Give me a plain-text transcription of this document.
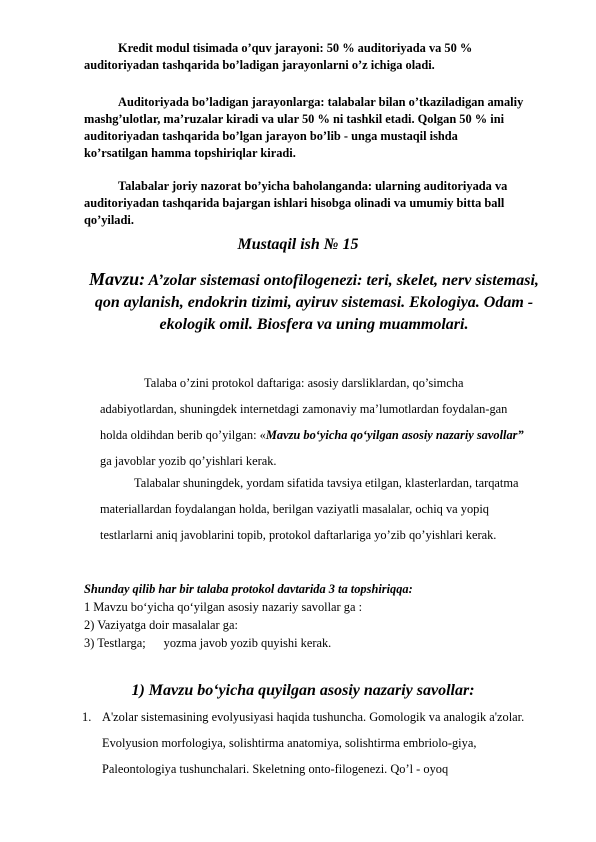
Kredit modul tisimada o’quv jarayoni: 50 % auditoriyada va 50 % auditoriyadan tashqarida bo’ladigan jarayonlarni o’z ichiga oladi.

Auditoriyada bo’ladigan jarayonlarga: talabalar bilan o’tkaziladigan amaliy mashg’ulotlar, ma’ruzalar kiradi va ular 50 % ni tashkil etadi. Qolgan 50 % ini auditoriyadan tashqarida bo’lgan jarayon bo’lib - unga mustaqil ishda ko’rsatilgan hamma topshiriqlar kiradi.

Talabalar joriy nazorat bo’yicha baholanganda: ularning auditoriyada va auditoriyadan tashqarida bajargan ishlari hisobga olinadi va umumiy bitta ball qo’yiladi.

Mustaqil ish № 15
Mavzu: A’zolar sistemasi ontofilogenezi: teri, skelet, nerv sistemasi, qon aylanish, endokrin tizimi, ayiruv sistemasi. Ekologiya. Odam - ekologik omil. Biosfera va uning muammolari.

Talaba o’zini protokol daftariga: asosiy darsliklardan, qo’simcha adabiyotlardan, shuningdek internetdagi zamonaviy ma’lumotlardan foydalan-gan holda oldihdan berib qo’yilgan: «Mavzu bo‘yicha qo‘yilgan asosiy nazariy savollar” ga javoblar yozib qo’yishlari kerak.

Talabalar shuningdek, yordam sifatida tavsiya etilgan, klasterlardan, tarqatma materiallardan foydalangan holda, berilgan vaziyatli masalalar, ochiq va yopiq testlarlarni aniq javoblarini topib, protokol daftarlariga yo’zib qo’yishlari kerak.

Shunday qilib har bir talaba protokol davtarida 3 ta topshiriqqa:
1 Mavzu bo‘yicha qo‘yilgan asosiy nazariy savollar ga :
2) Vaziyatga doir masalalar ga:
3) Testlarga; yozma javob yozib quyishi kerak.
1) Mavzu bo‘yicha quyilgan asosiy nazariy savollar:
1. A'zolar sistemasining evolyusiyasi haqida tushuncha. Gomologik va analogik a'zolar. Evolyusion morfologiya, solishtirma anatomiya, solishtirma embriolo-giya, Paleontologiya tushunchalari. Skeletning onto-filogenezi. Qo’l - oyoq
